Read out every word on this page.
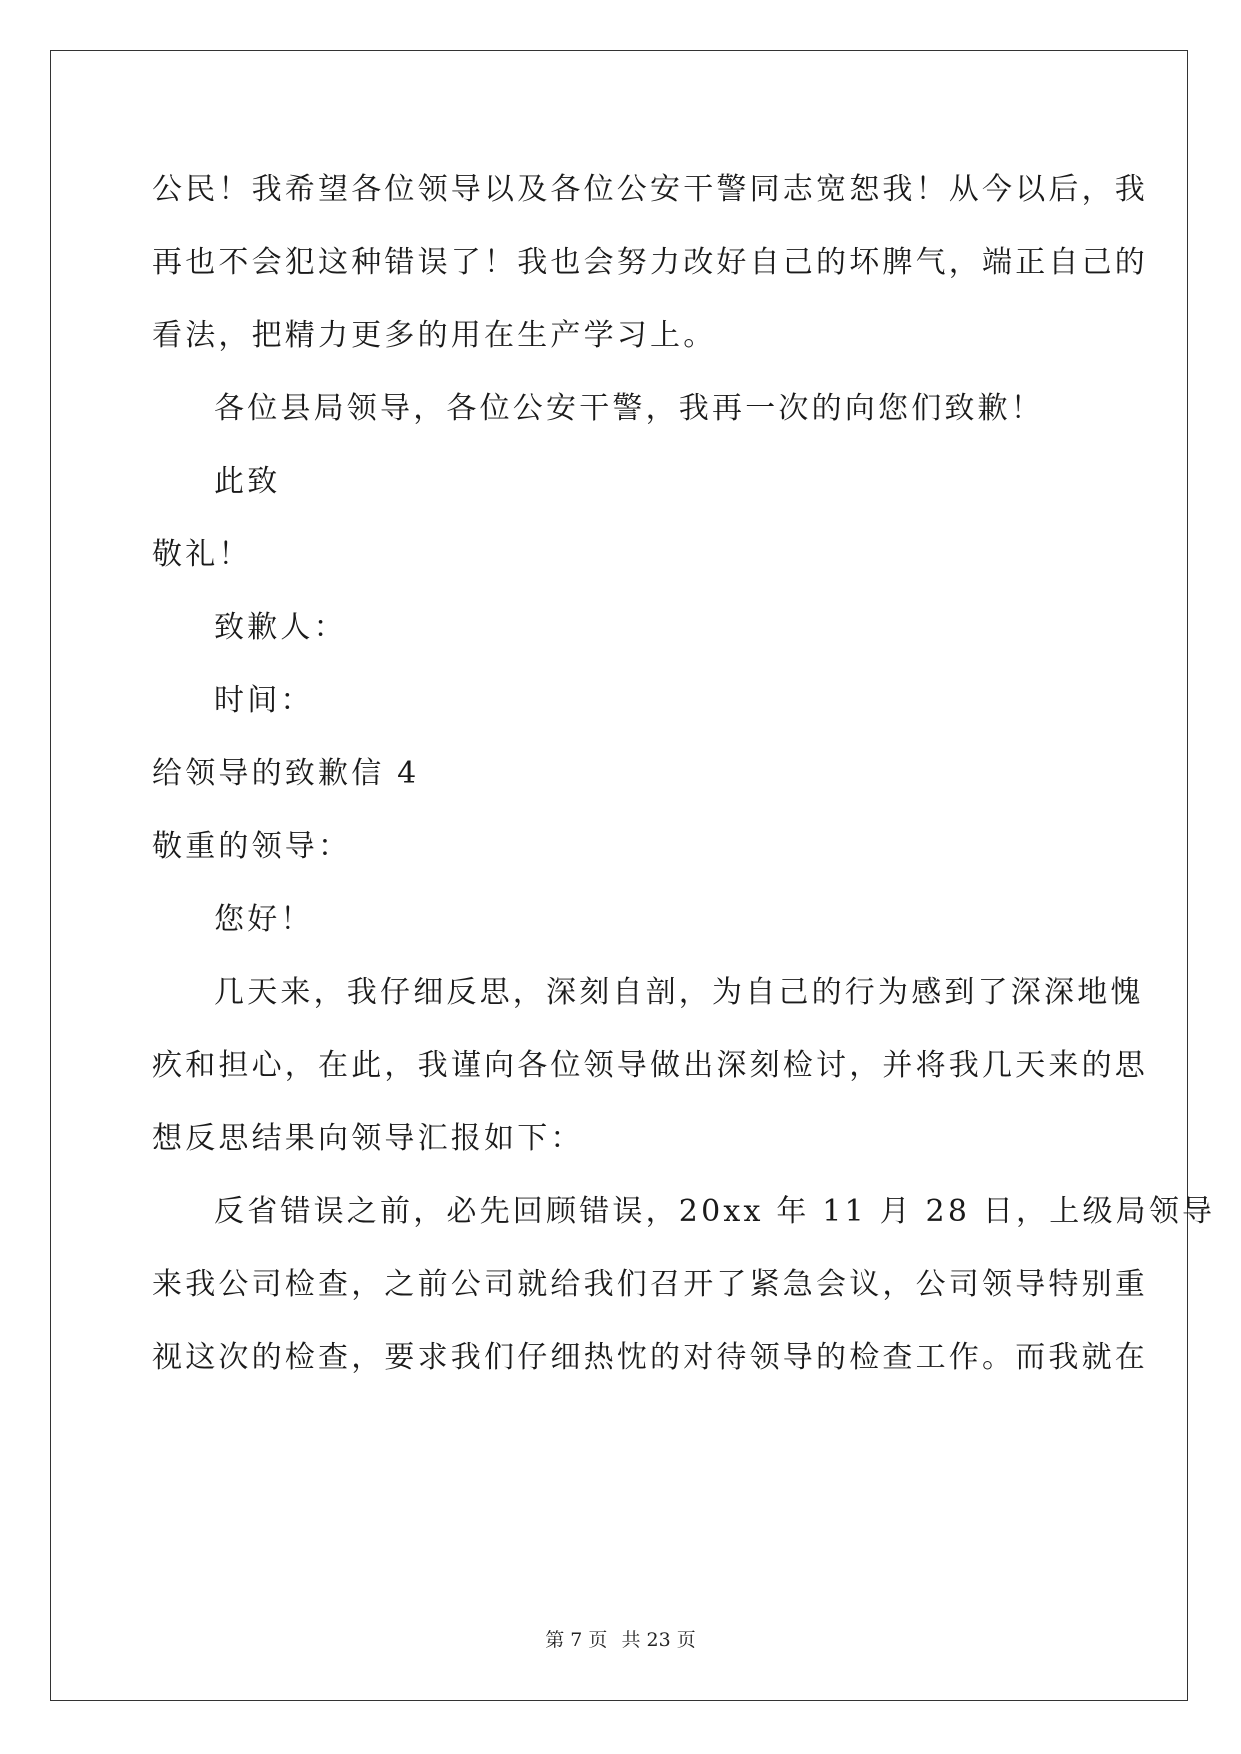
公民！我希望各位领导以及各位公安干警同志宽恕我！从今以后，我
再也不会犯这种错误了！我也会努力改好自己的坏脾气，端正自己的
看法，把精力更多的用在生产学习上。
各位县局领导，各位公安干警，我再一次的向您们致歉！
此致
敬礼！
致歉人：
时间：
给领导的致歉信 4
敬重的领导：
您好！
几天来，我仔细反思，深刻自剖，为自己的行为感到了深深地愧
疚和担心，在此，我谨向各位领导做出深刻检讨，并将我几天来的思
想反思结果向领导汇报如下：
反省错误之前，必先回顾错误，20xx 年 11 月 28 日，上级局领导
来我公司检查，之前公司就给我们召开了紧急会议，公司领导特别重
视这次的检查，要求我们仔细热忱的对待领导的检查工作。而我就在
第 7 页 共 23 页
